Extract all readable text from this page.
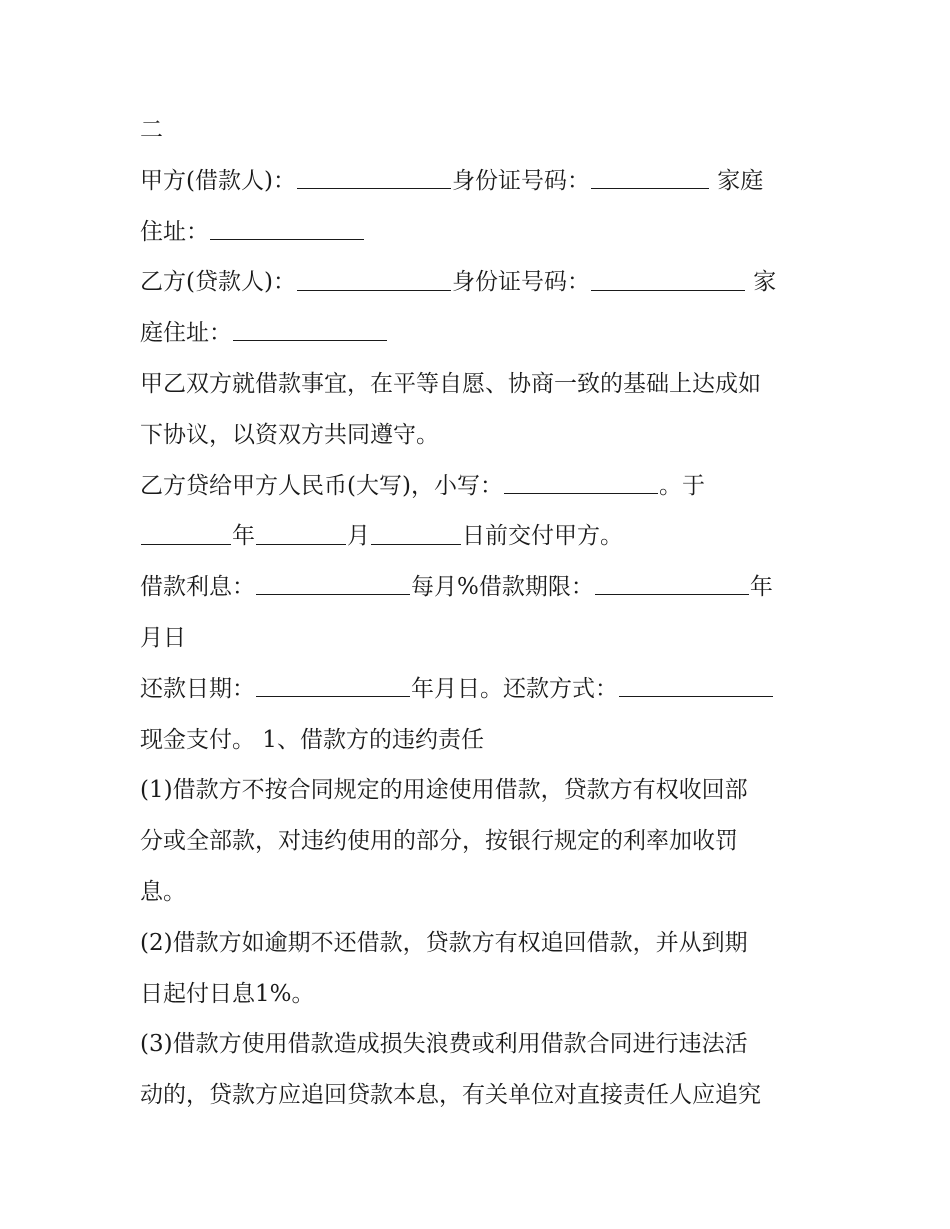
二
甲方(借款人)：	身份证号码：	家庭
住址：
乙方(贷款人)：	身份证号码：	家
庭住址：
甲乙双方就借款事宜，在平等自愿、协商一致的基础上达成如
下协议，以资双方共同遵守。
乙方贷给甲方人民币(大写)，小写：	。于
年	月	日前交付甲方。
借款利息：	每月%借款期限：	年
月日
还款日期：	年月日。还款方式：
现金支付。 1、借款方的违约责任
(1)借款方不按合同规定的用途使用借款，贷款方有权收回部
分或全部款，对违约使用的部分，按银行规定的利率加收罚
息。
(2)借款方如逾期不还借款，贷款方有权追回借款，并从到期
日起付日息1%。
(3)借款方使用借款造成损失浪费或利用借款合同进行违法活
动的，贷款方应追回贷款本息，有关单位对直接责任人应追究
